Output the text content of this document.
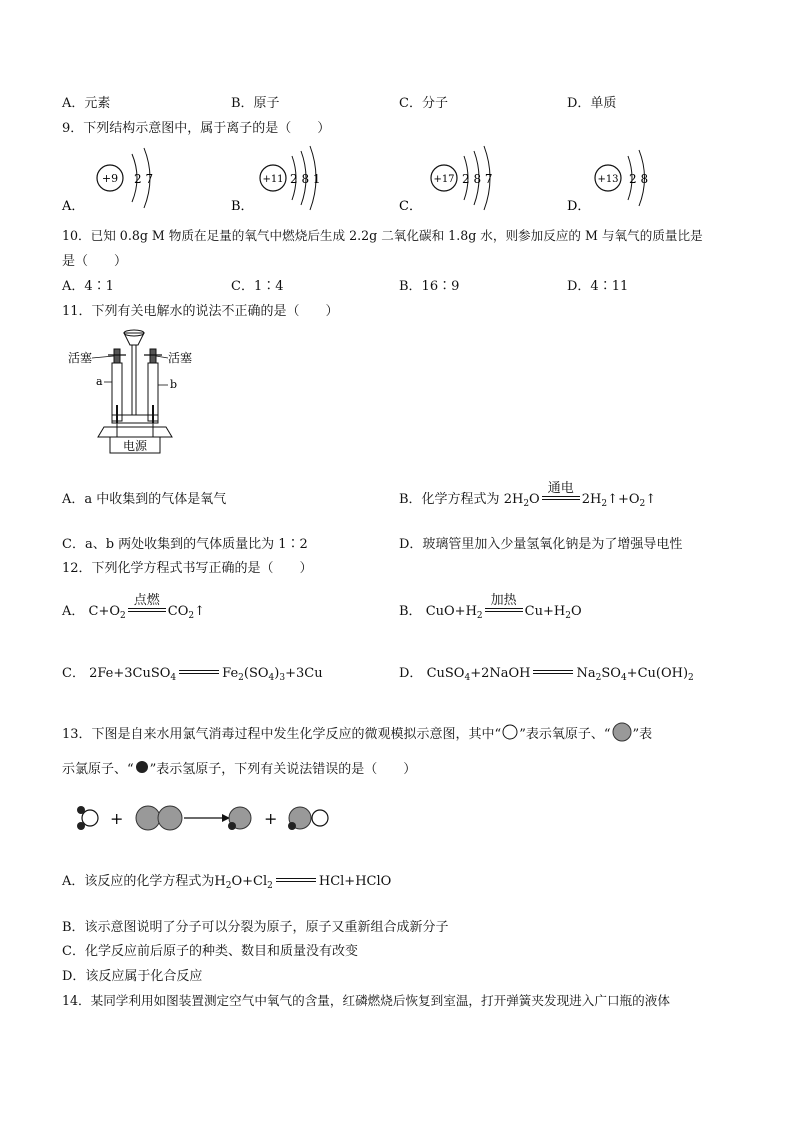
A．元素	B．原子	C．分子	D．单质
9．下列结构示意图中，属于离子的是（　　）
+9 2 7
A．
+11 2 8 1
B．
+17 2 8 7
C．
+13 2 8
D．
10．已知 0.8g M 物质在足量的氧气中燃烧后生成 2.2g 二氧化碳和 1.8g 水，则参加反应的 M 与氧气的质量比是
是（　　）
A．4∶1	C．1∶4	B．16∶9	D．4∶11
11．下列有关电解水的说法不正确的是（　　）
电源
活塞	活塞
a	b
A．a 中收集到的气体是氧气	B．化学方程式为 $2H_2O$
通电
$2H_2↑+O_2↑$
C．a、b 两处收集到的气体质量比为 1∶2	D．玻璃管里加入少量氢氧化钠是为了增强导电性
12．下列化学方程式书写正确的是（　　）
A． $C+O_2$
点燃
$CO_2↑$	B． $CuO+H_2$
加热
$Cu+H_2O$
C． 2Fe+3CuSO$_4$	$Fe_2(SO_4)_3+3Cu$	D． CuSO$_4$+2NaOH	$Na_2SO_4+Cu(OH)_2$
13．下图是自来水用氯气消毒过程中发生化学反应的微观模拟示意图，其中“ ”表示氧原子、“ ”表
示氯原子、“ ”表示氢原子，下列有关说法错误的是（　　）
+	+
A．该反应的化学方程式为$H_2O+Cl_2$	HCl+HClO
B．该示意图说明了分子可以分裂为原子，原子又重新组合成新分子
C．化学反应前后原子的种类、数目和质量没有改变
D．该反应属于化合反应
14．某同学利用如图装置测定空气中氧气的含量，红磷燃烧后恢复到室温，打开弹簧夹发现进入广口瓶的液体
